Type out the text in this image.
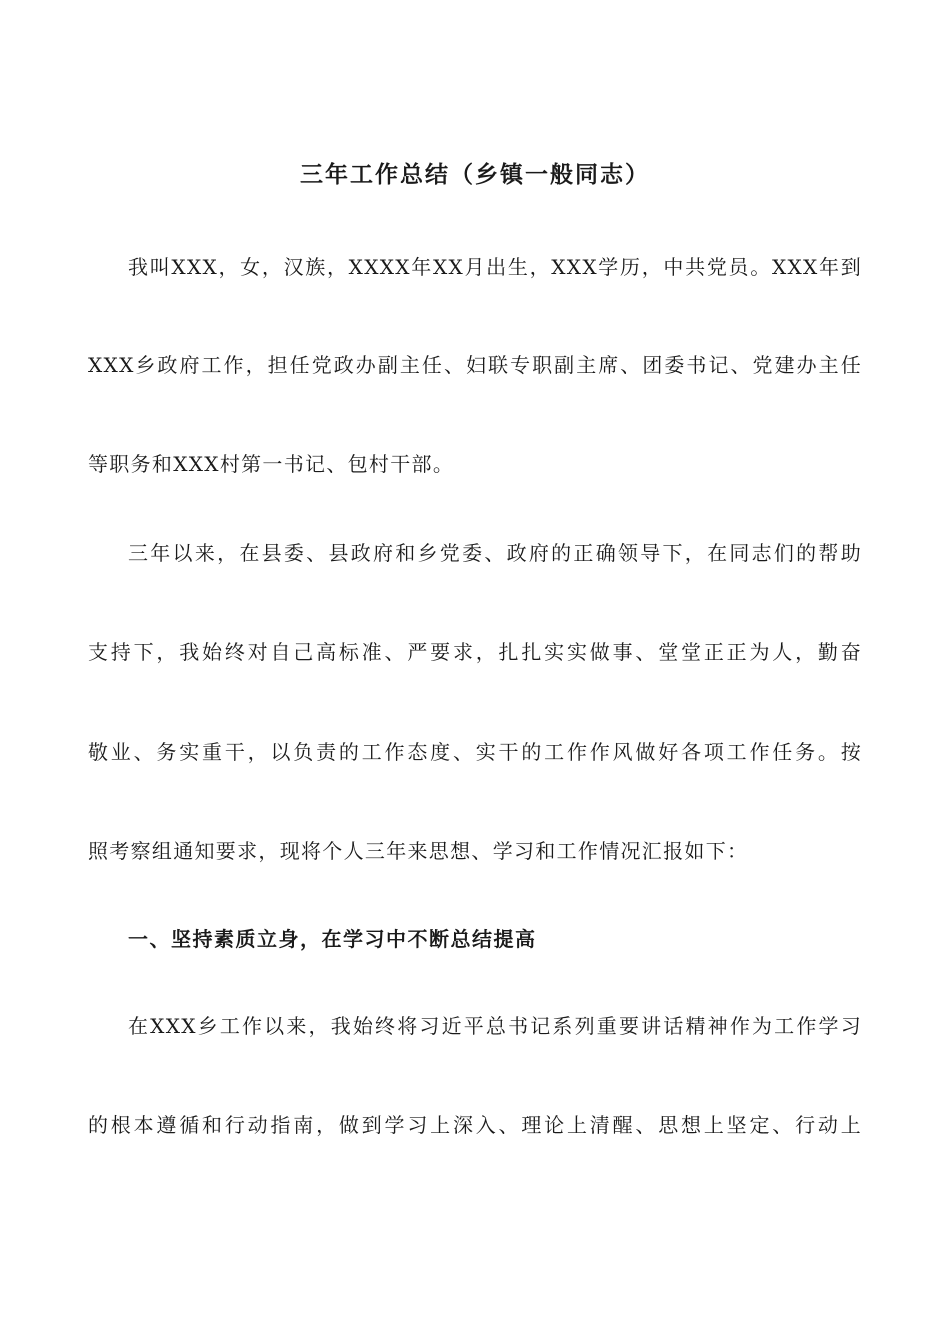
三年工作总结（乡镇一般同志）

我叫XXX，女，汉族，XXXX年XX月出生，XXX学历，中共党员。XXX年到

XXX乡政府工作，担任党政办副主任、妇联专职副主席、团委书记、党建办主任

等职务和XXX村第一书记、包村干部。

三年以来，在县委、县政府和乡党委、政府的正确领导下，在同志们的帮助

支持下，我始终对自己高标准、严要求，扎扎实实做事、堂堂正正为人，勤奋

敬业、务实重干，以负责的工作态度、实干的工作作风做好各项工作任务。按

照考察组通知要求，现将个人三年来思想、学习和工作情况汇报如下：

一、坚持素质立身，在学习中不断总结提高

在XXX乡工作以来，我始终将习近平总书记系列重要讲话精神作为工作学习

的根本遵循和行动指南，做到学习上深入、理论上清醒、思想上坚定、行动上
